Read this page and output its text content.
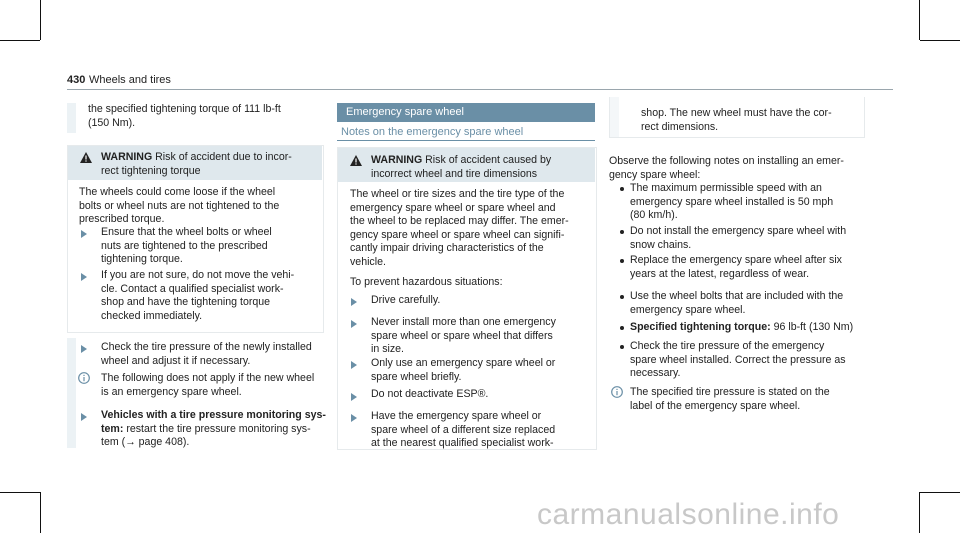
430 Wheels and tires
the specified tightening torque of 111 lb-ft
(150 Nm).
WARNING Risk of accident due to incor-
rect tightening torque
The wheels could come loose if the wheel
bolts or wheel nuts are not tightened to the
prescribed torque.
Ensure that the wheel bolts or wheel
nuts are tightened to the prescribed
tightening torque.
If you are not sure, do not move the vehi-
cle. Contact a qualified specialist work-
shop and have the tightening torque
checked immediately.
Check the tire pressure of the newly installed
wheel and adjust it if necessary.
The following does not apply if the new wheel
is an emergency spare wheel.
Vehicles with a tire pressure monitoring sys-
tem: restart the tire pressure monitoring sys-
tem (→ page 408).
Emergency spare wheel
Notes on the emergency spare wheel
WARNING Risk of accident caused by
incorrect wheel and tire dimensions
The wheel or tire sizes and the tire type of the
emergency spare wheel or spare wheel and
the wheel to be replaced may differ. The emer-
gency spare wheel or spare wheel can signifi-
cantly impair driving characteristics of the
vehicle.
To prevent hazardous situations:
Drive carefully.
Never install more than one emergency
spare wheel or spare wheel that differs
in size.
Only use an emergency spare wheel or
spare wheel briefly.
Do not deactivate ESP®.
Have the emergency spare wheel or
spare wheel of a different size replaced
at the nearest qualified specialist work-
shop. The new wheel must have the cor-
rect dimensions.
Observe the following notes on installing an emer-
gency spare wheel:
The maximum permissible speed with an
emergency spare wheel installed is 50 mph
(80 km/h).
Do not install the emergency spare wheel with
snow chains.
Replace the emergency spare wheel after six
years at the latest, regardless of wear.
Use the wheel bolts that are included with the
emergency spare wheel.
Specified tightening torque: 96 lb-ft (130 Nm)
Check the tire pressure of the emergency
spare wheel installed. Correct the pressure as
necessary.
The specified tire pressure is stated on the
label of the emergency spare wheel.
carmanualsonline.info
